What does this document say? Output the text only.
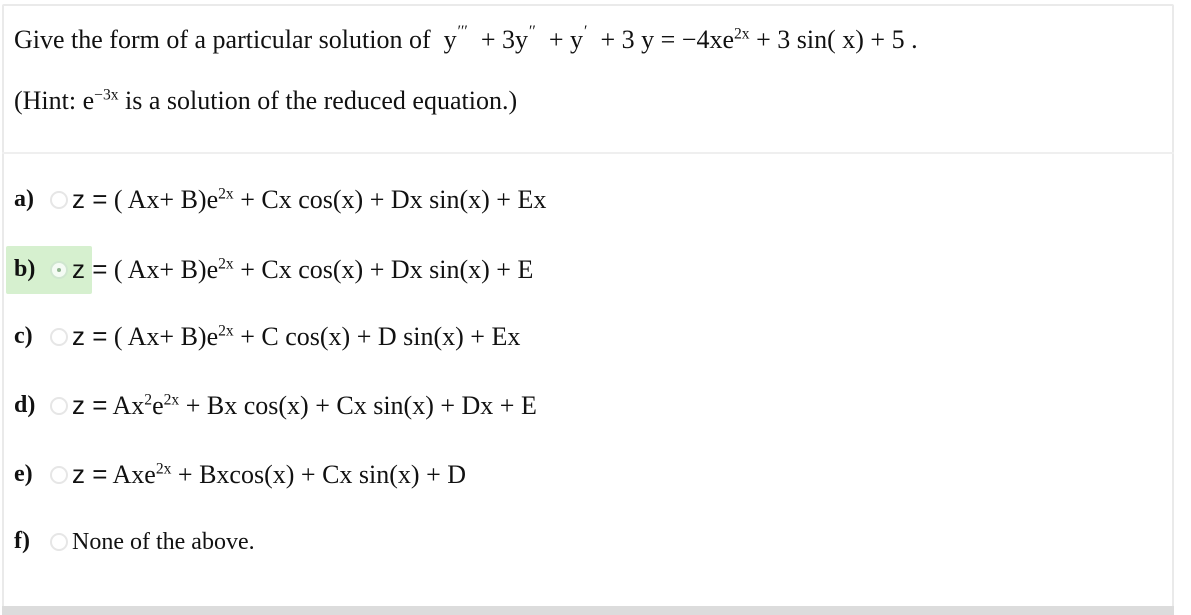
Give the form of a particular solution of y′′′ + 3y′′ + y′ + 3 $y = -4xe^{2x} + 3$ sin( x) + 5 .
(Hint: $e^{-3x}$ is a solution of the reduced equation.)
a) z = ( $Ax+ B)e^{2x} + Cx$ cos(x) + Dx sin(x) + Ex
b) z = ( $Ax+ B)e^{2x} + Cx$ cos(x) + Dx sin(x) + E
c) z = ( $Ax+ B)e^{2x} + C$ cos(x) + D sin(x) + Ex
d) $z = Ax^2e^{2x} + Bx$ cos(x) + Cx sin(x) + Dx + E
e) z = Axe$^{2x}$ + Bxcos(x) + Cx sin(x) + D
f) None of the above.
